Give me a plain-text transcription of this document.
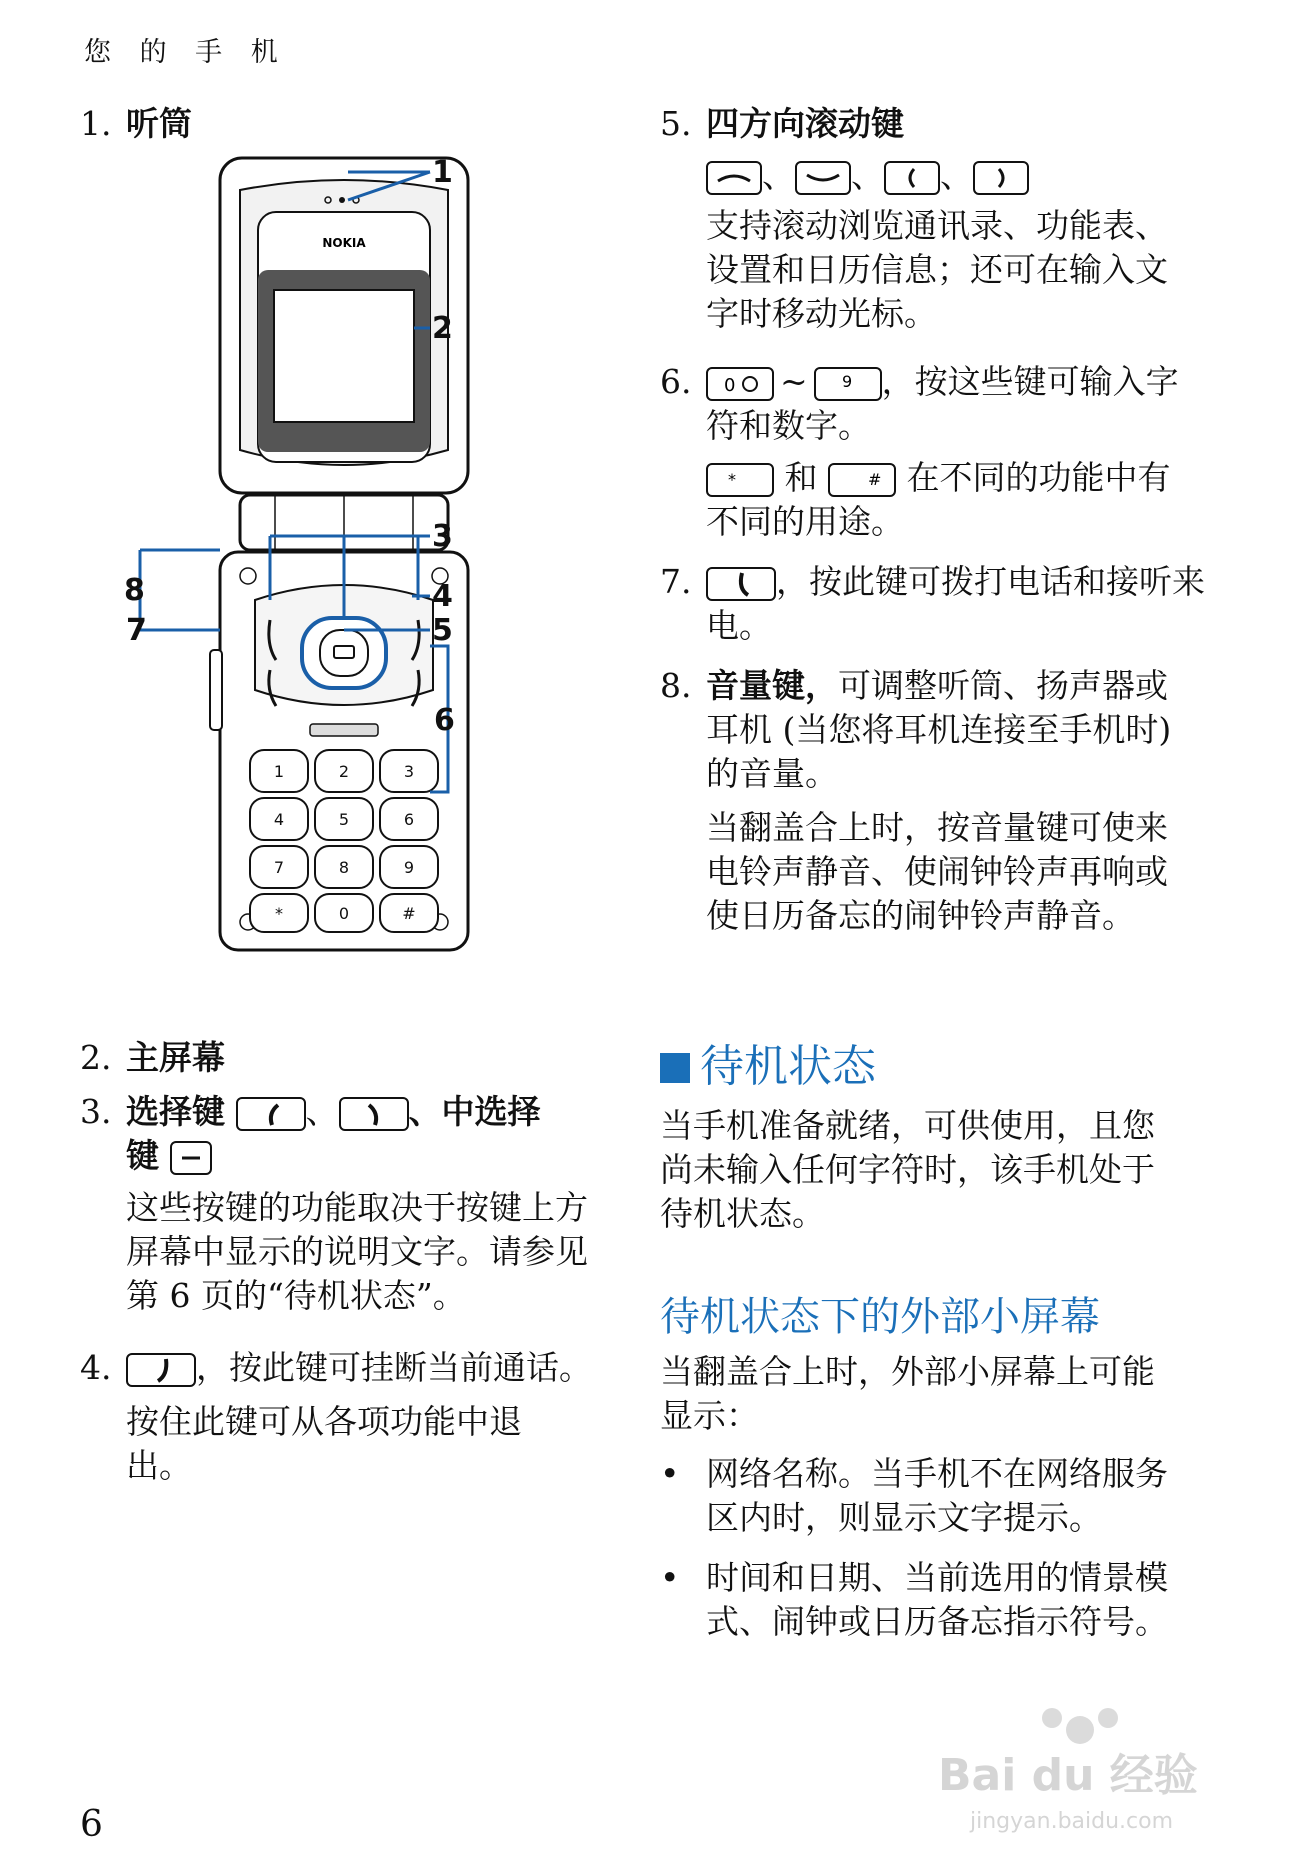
您 的 手 机
1. 听筒
NOKIA
1	2	3
4	5	6
7	8	9
*	0	#
1
2
3
4
5
6
7
8
2. 主屏幕
3. 选择键 、 、中选择
键
这些按键的功能取决于按键上方屏幕中显示的说明文字。请参见第 6 页的“待机状态”。
4.	，按此键可挂断当前通话。
按住此键可从各项功能中退出。
5. 四方向滚动键

、 、 、
支持滚动浏览通讯录、功能表、设置和日历信息；还可在输入文字时移动光标。
6. 0 ~ 9 ，按这些键可输入字符和数字。
* 和	# 在不同的功能中有不同的用途。
7.	，按此键可拨打电话和接听来电。
8. 音量键，可调整听筒、扬声器或耳机 (当您将耳机连接至手机时) 的音量。
当翻盖合上时，按音量键可使来电铃声静音、使闹钟铃声再响或使日历备忘的闹钟铃声静音。
待机状态
当手机准备就绪，可供使用，且您尚未输入任何字符时，该手机处于待机状态。
待机状态下的外部小屏幕
当翻盖合上时，外部小屏幕上可能显示：
• 网络名称。当手机不在网络服务区内时，则显示文字提示。
• 时间和日期、当前选用的情景模式、闹钟或日历备忘指示符号。
Bai du 经验
jingyan.baidu.com
6
